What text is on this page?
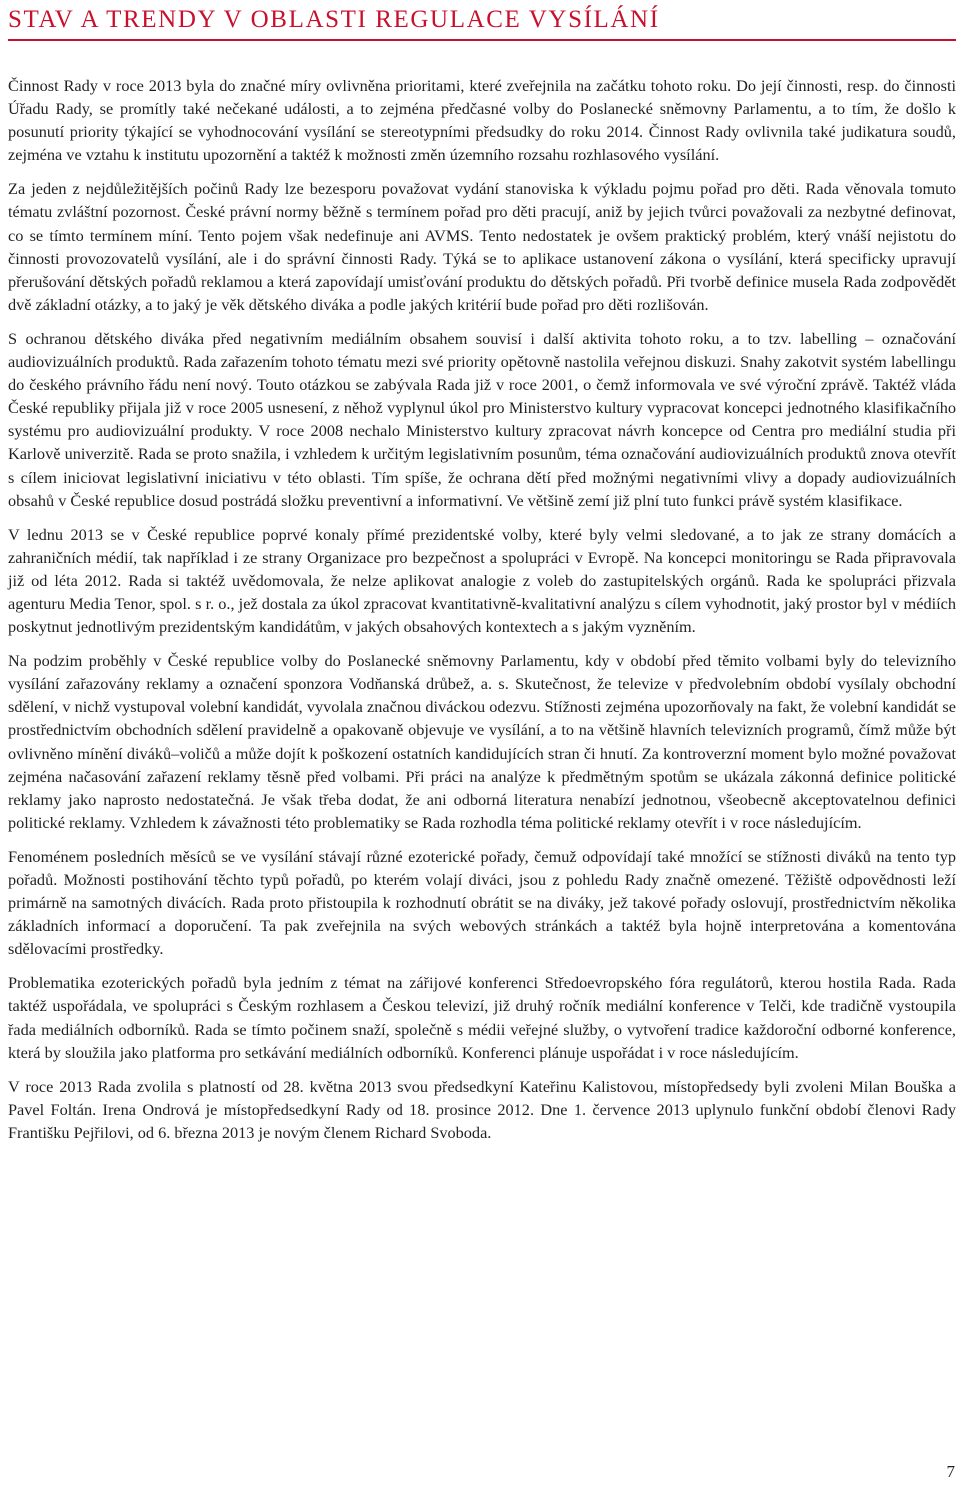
STAV A TRENDY V OBLASTI REGULACE VYSÍLÁNÍ

Činnost Rady v roce 2013 byla do značné míry ovlivněna prioritami, které zveřejnila na začátku tohoto roku. Do její činnosti, resp. do činnosti Úřadu Rady, se promítly také nečekané události, a to zejména předčasné volby do Poslanecké sněmovny Parlamentu, a to tím, že došlo k posunutí priority týkající se vyhodnocování vysílání se stereotypními předsudky do roku 2014. Činnost Rady ovlivnila také judikatura soudů, zejména ve vztahu k institutu upozornění a taktéž k možnosti změn územního rozsahu rozhlasového vysílání.

Za jeden z nejdůležitějších počinů Rady lze bezesporu považovat vydání stanoviska k výkladu pojmu pořad pro děti. Rada věnovala tomuto tématu zvláštní pozornost. České právní normy běžně s termínem pořad pro děti pracují, aniž by jejich tvůrci považovali za nezbytné definovat, co se tímto termínem míní. Tento pojem však nedefinuje ani AVMS. Tento nedostatek je ovšem praktický problém, který vnáší nejistotu do činnosti provozovatelů vysílání, ale i do správní činnosti Rady. Týká se to aplikace ustanovení zákona o vysílání, která specificky upravují přerušování dětských pořadů reklamou a která zapovídají umisťování produktu do dětských pořadů. Při tvorbě definice musela Rada zodpovědět dvě základní otázky, a to jaký je věk dětského diváka a podle jakých kritérií bude pořad pro děti rozlišován.

S ochranou dětského diváka před negativním mediálním obsahem souvisí i další aktivita tohoto roku, a to tzv. labelling – označování audiovizuálních produktů. Rada zařazením tohoto tématu mezi své priority opětovně nastolila veřejnou diskuzi. Snahy zakotvit systém labellingu do českého právního řádu není nový. Touto otázkou se zabývala Rada již v roce 2001, o čemž informovala ve své výroční zprávě. Taktéž vláda České republiky přijala již v roce 2005 usnesení, z něhož vyplynul úkol pro Ministerstvo kultury vypracovat koncepci jednotného klasifikačního systému pro audiovizuální produkty. V roce 2008 nechalo Ministerstvo kultury zpracovat návrh koncepce od Centra pro mediální studia při Karlově univerzitě. Rada se proto snažila, i vzhledem k určitým legislativním posunům, téma označování audiovizuálních produktů znova otevřít s cílem iniciovat legislativní iniciativu v této oblasti. Tím spíše, že ochrana dětí před možnými negativními vlivy a dopady audiovizuálních obsahů v České republice dosud postrádá složku preventivní a informativní. Ve většině zemí již plní tuto funkci právě systém klasifikace.

V lednu 2013 se v České republice poprvé konaly přímé prezidentské volby, které byly velmi sledované, a to jak ze strany domácích a zahraničních médií, tak například i ze strany Organizace pro bezpečnost a spolupráci v Evropě. Na koncepci monitoringu se Rada připravovala již od léta 2012. Rada si taktéž uvědomovala, že nelze aplikovat analogie z voleb do zastupitelských orgánů. Rada ke spolupráci přizvala agenturu Media Tenor, spol. s r. o., jež dostala za úkol zpracovat kvantitativně-kvalitativní analýzu s cílem vyhodnotit, jaký prostor byl v médiích poskytnut jednotlivým prezidentským kandidátům, v jakých obsahových kontextech a s jakým vyzněním.

Na podzim proběhly v České republice volby do Poslanecké sněmovny Parlamentu, kdy v období před těmito volbami byly do televizního vysílání zařazovány reklamy a označení sponzora Vodňanská drůbež, a. s. Skutečnost, že televize v předvolebním období vysílaly obchodní sdělení, v nichž vystupoval volební kandidát, vyvolala značnou diváckou odezvu. Stížnosti zejména upozorňovaly na fakt, že volební kandidát se prostřednictvím obchodních sdělení pravidelně a opakovaně objevuje ve vysílání, a to na většině hlavních televizních programů, čímž může být ovlivněno mínění diváků–voličů a může dojít k poškození ostatních kandidujících stran či hnutí. Za kontroverzní moment bylo možné považovat zejména načasování zařazení reklamy těsně před volbami. Při práci na analýze k předmětným spotům se ukázala zákonná definice politické reklamy jako naprosto nedostatečná. Je však třeba dodat, že ani odborná literatura nenabízí jednotnou, všeobecně akceptovatelnou definici politické reklamy. Vzhledem k závažnosti této problematiky se Rada rozhodla téma politické reklamy otevřít i v roce následujícím.

Fenoménem posledních měsíců se ve vysílání stávají různé ezoterické pořady, čemuž odpovídají také množící se stížnosti diváků na tento typ pořadů. Možnosti postihování těchto typů pořadů, po kterém volají diváci, jsou z pohledu Rady značně omezené. Těžiště odpovědnosti leží primárně na samotných divácích. Rada proto přistoupila k rozhodnutí obrátit se na diváky, jež takové pořady oslovují, prostřednictvím několika základních informací a doporučení. Ta pak zveřejnila na svých webových stránkách a taktéž byla hojně interpretována a komentována sdělovacími prostředky.

Problematika ezoterických pořadů byla jedním z témat na zářijové konferenci Středoevropského fóra regulátorů, kterou hostila Rada. Rada taktéž uspořádala, ve spolupráci s Českým rozhlasem a Českou televizí, již druhý ročník mediální konference v Telči, kde tradičně vystoupila řada mediálních odborníků. Rada se tímto počinem snaží, společně s médii veřejné služby, o vytvoření tradice každoroční odborné konference, která by sloužila jako platforma pro setkávání mediálních odborníků. Konferenci plánuje uspořádat i v roce následujícím.

V roce 2013 Rada zvolila s platností od 28. května 2013 svou předsedkyní Kateřinu Kalistovou, místopředsedy byli zvoleni Milan Bouška a Pavel Foltán. Irena Ondrová je místopředsedkyní Rady od 18. prosince 2012. Dne 1. července 2013 uplynulo funkční období členovi Rady Františku Pejřilovi, od 6. března 2013 je novým členem Richard Svoboda.

7
